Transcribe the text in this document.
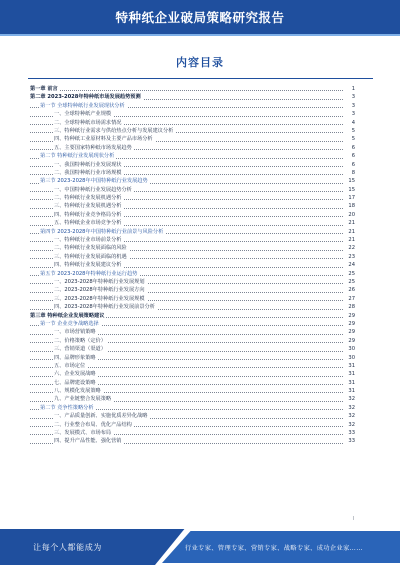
特种纸企业破局策略研究报告
内容目录
第一章 前言	1
第二章 2023-2028年特种纸市场发展趋势预测	3
第一节 全球特种纸行业发展现状分析	3
一、全球特种纸产业规模	3
二、全球特种纸市场需求情况	4
三、特种纸行业需求与供给热点分析与发展建议分析	5
四、特种纸工业原材料及主要产品市场分析	5
五、主要国家特种纸市场发展趋势	6
第二节 特种纸行业发展现状分析	6
一、我国特种纸行业发展现状	6
二、我国特种纸行业市场规模	8
第三节 2023-2028年中国特种纸行业发展趋势	15
一、中国特种纸行业发展趋势分析	15
二、特种纸行业发展机遇分析	17
三、特种纸行业发展机遇分析	18
四、特种纸行业竞争格局分析	20
五、特种纸企业市场竞争分析	21
第四节 2023-2028年中国特种纸行业前景与风险分析	21
一、特种纸行业市场前景分析	21
二、特种纸行业发展面临的风险	22
三、特种纸行业发展面临的机遇	23
四、特种纸行业发展建议分析	24
第五节 2023-2028年特种纸行业运行趋势	25
一、2023-2028年特种纸行业发展规划	25
二、2023-2028年特种纸行业发展方向	26
三、2023-2028年特种纸行业发展规模	27
四、2023-2028年特种纸行业发展前景分析	28
第三章 特种纸企业发展策略建议	29
第一节 企业竞争战略选择	29
一、市场营销策略	29
二、价格策略（定价）	29
三、营销渠道（渠道）	30
四、品牌形象策略	30
五、市场定位	31
六、企业发展战略	31
七、品牌建设策略	31
八、规模化发展策略	31
九、产业链整合发展策略	32
第二节 竞争性策略分析	32
一、产品质量创新、实施优质差异化战略	32
二、行业整合布局、优化产品结构	32
三、发展模式、市场布局	33
四、提升产品性能、强化营销	33
I
让每个人都能成为	行业专家、管理专家、营销专家、战略专家、成功企业家……
